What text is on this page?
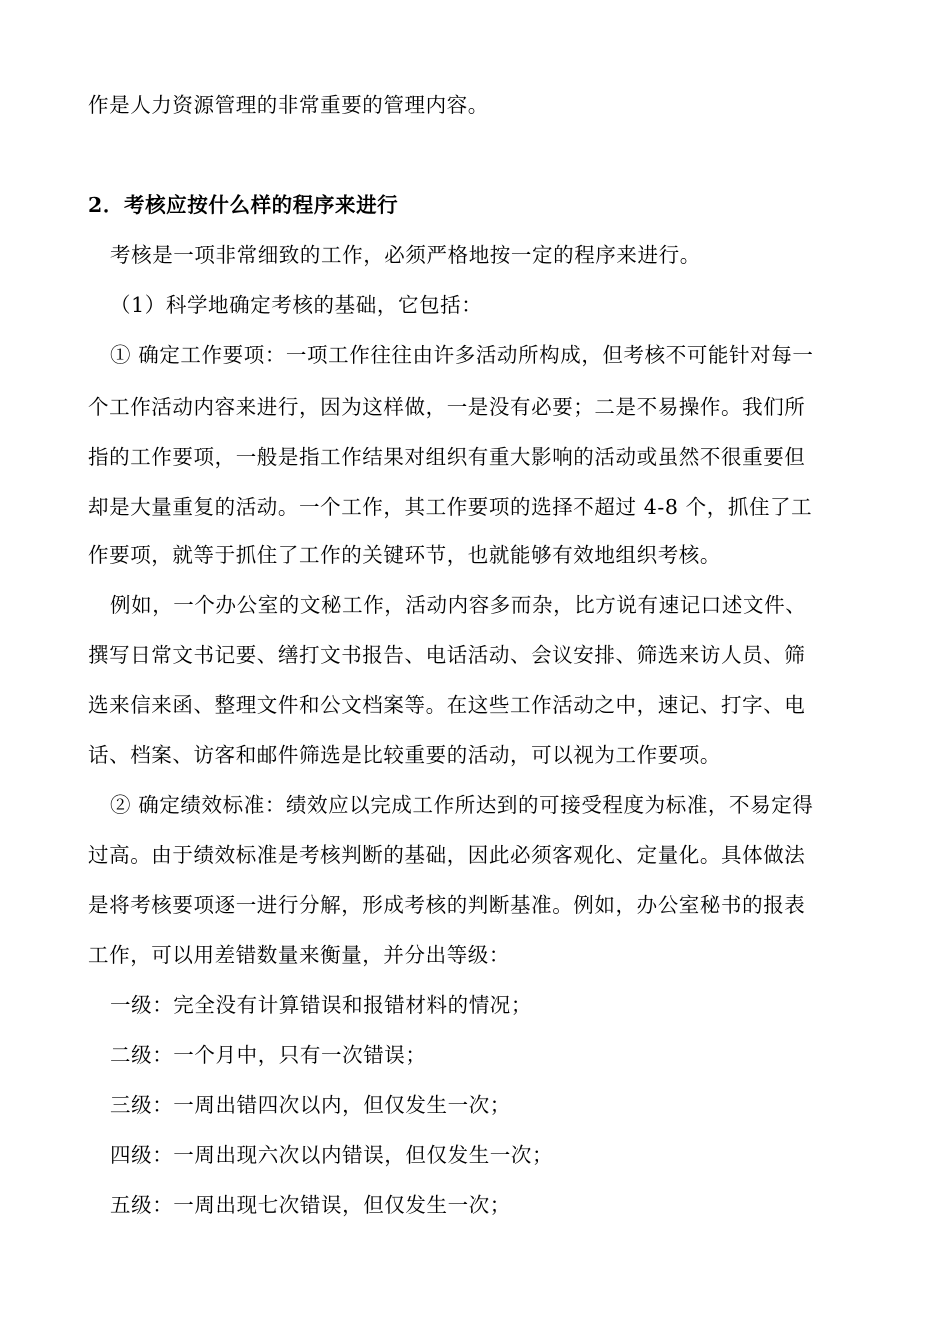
作是人力资源管理的非常重要的管理内容。
2．考核应按什么样的程序来进行
考核是一项非常细致的工作，必须严格地按一定的程序来进行。
（1）科学地确定考核的基础，它包括：
① 确定工作要项：一项工作往往由许多活动所构成，但考核不可能针对每一
个工作活动内容来进行，因为这样做，一是没有必要；二是不易操作。我们所
指的工作要项，一般是指工作结果对组织有重大影响的活动或虽然不很重要但
却是大量重复的活动。一个工作，其工作要项的选择不超过 4-8 个，抓住了工
作要项，就等于抓住了工作的关键环节，也就能够有效地组织考核。
例如，一个办公室的文秘工作，活动内容多而杂，比方说有速记口述文件、
撰写日常文书记要、缮打文书报告、电话活动、会议安排、筛选来访人员、筛
选来信来函、整理文件和公文档案等。在这些工作活动之中，速记、打字、电
话、档案、访客和邮件筛选是比较重要的活动，可以视为工作要项。
② 确定绩效标准：绩效应以完成工作所达到的可接受程度为标准，不易定得
过高。由于绩效标准是考核判断的基础，因此必须客观化、定量化。具体做法
是将考核要项逐一进行分解，形成考核的判断基准。例如，办公室秘书的报表
工作，可以用差错数量来衡量，并分出等级：
一级：完全没有计算错误和报错材料的情况；
二级：一个月中，只有一次错误；
三级：一周出错四次以内，但仅发生一次；
四级：一周出现六次以内错误，但仅发生一次；
五级：一周出现七次错误，但仅发生一次；
